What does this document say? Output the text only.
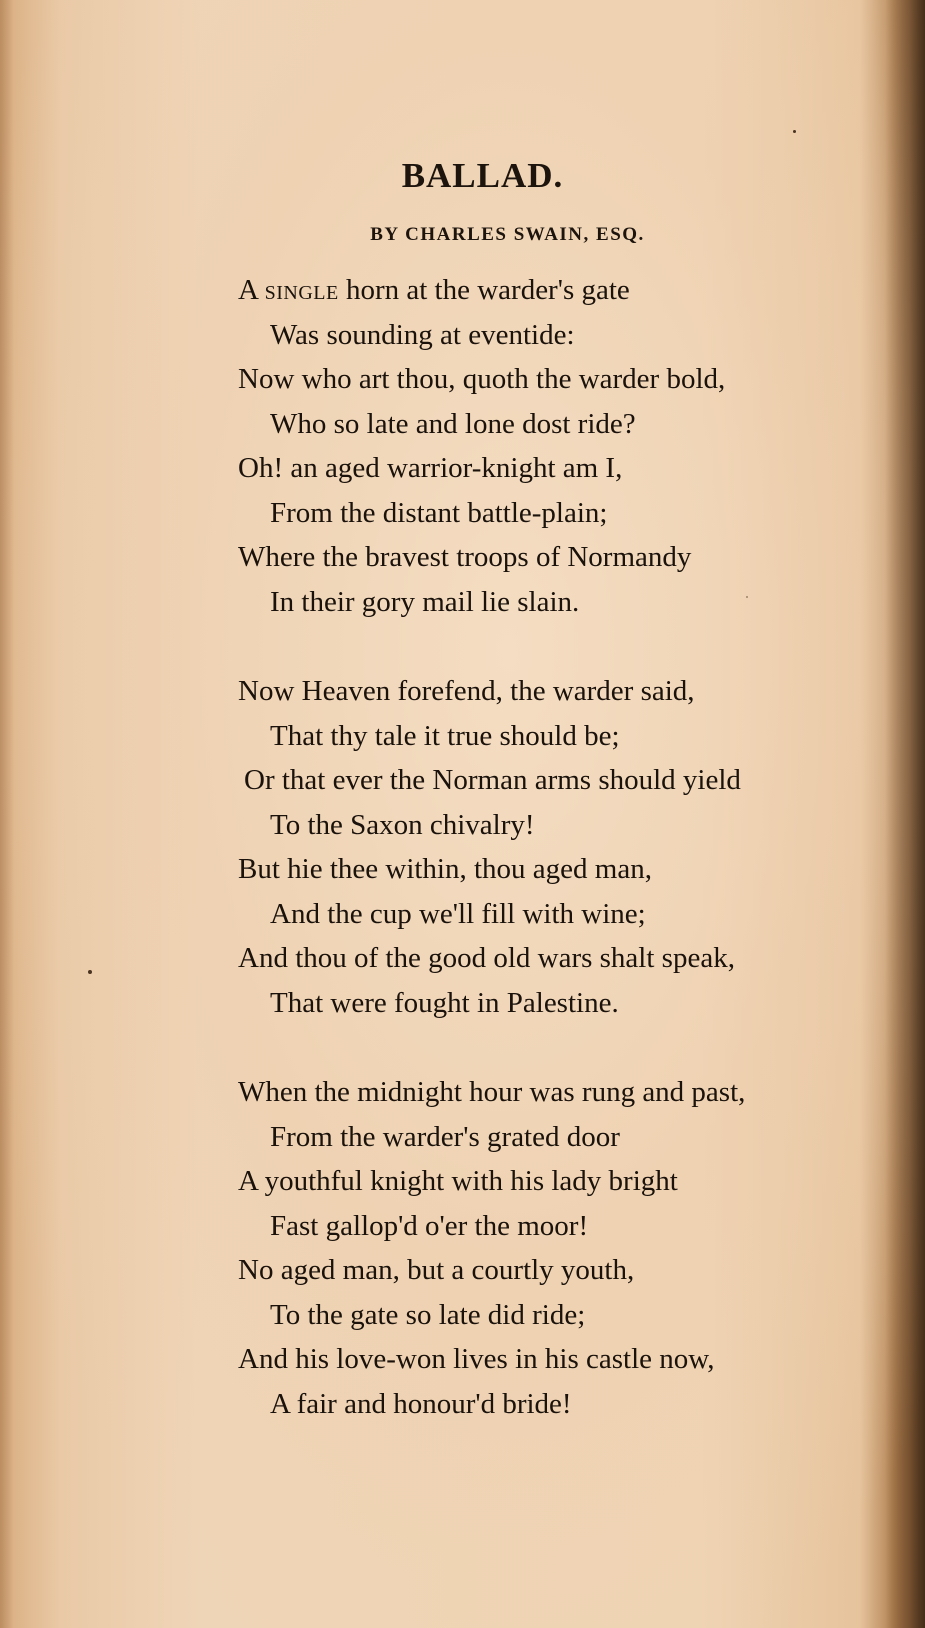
BALLAD.
BY CHARLES SWAIN, ESQ.
A single horn at the warder's gate
Was sounding at eventide:
Now who art thou, quoth the warder bold,
Who so late and lone dost ride?
Oh! an aged warrior-knight am I,
From the distant battle-plain;
Where the bravest troops of Normandy
In their gory mail lie slain.
Now Heaven forefend, the warder said,
That thy tale it true should be;
Or that ever the Norman arms should yield
To the Saxon chivalry!
But hie thee within, thou aged man,
And the cup we'll fill with wine;
And thou of the good old wars shalt speak,
That were fought in Palestine.
When the midnight hour was rung and past,
From the warder's grated door
A youthful knight with his lady bright
Fast gallop'd o'er the moor!
No aged man, but a courtly youth,
To the gate so late did ride;
And his love-won lives in his castle now,
A fair and honour'd bride!
